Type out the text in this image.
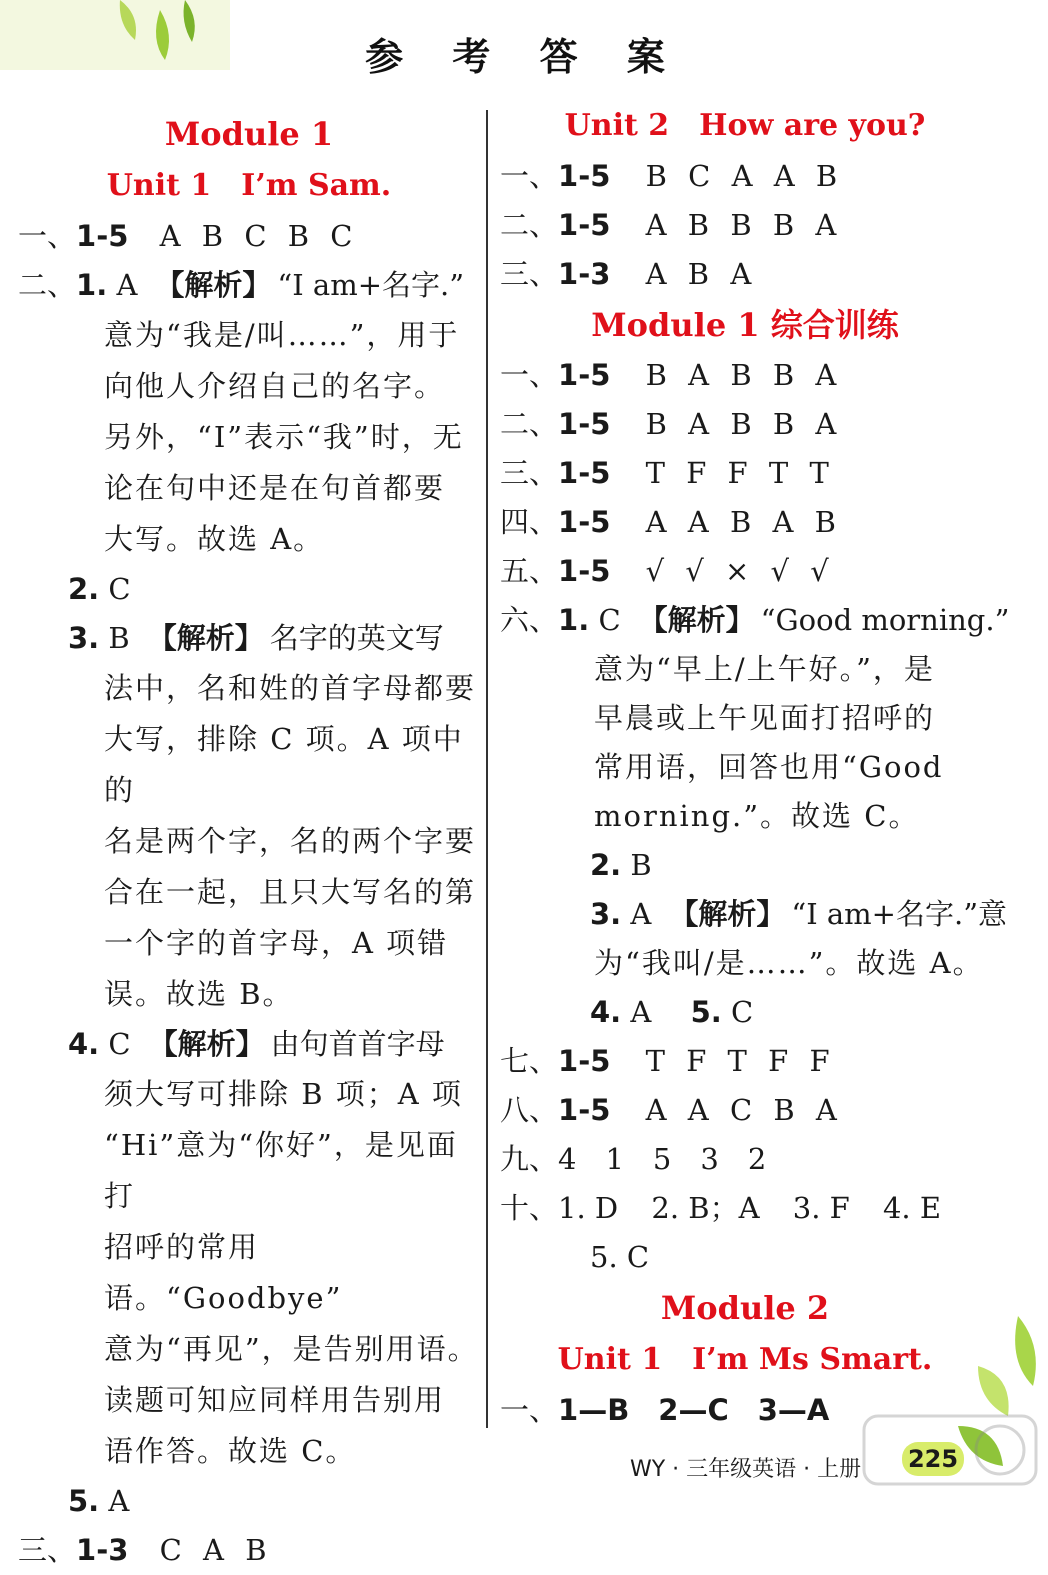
参 考 答 案
Module 1
Unit 1　I’m Sam.
一、1-5 A B C B C
二、1. A 【解析】 “I am+名字.”
意为“我是/叫……”，用于
向他人介绍自己的名字。
另外，“I”表示“我”时，无
论在句中还是在句首都要
大写。故选 A。
2. C
3. B 【解析】 名字的英文写
法中，名和姓的首字母都要
大写，排除 C 项。A 项中的
名是两个字，名的两个字要
合在一起，且只大写名的第
一个字的首字母，A 项错
误。故选 B。
4. C 【解析】 由句首首字母
须大写可排除 B 项；A 项
“Hi”意为“你好”，是见面打
招呼的常用语。“Goodbye”
意为“再见”，是告别用语。
读题可知应同样用告别用
语作答。故选 C。
5. A
三、1-3 C A B
Unit 2　How are you?
一、1-5 B C A A B
二、1-5 A B B B A
三、1-3 A B A
Module 1 综合训练
一、1-5 B A B B A
二、1-5 B A B B A
三、1-5 T F F T T
四、1-5 A A B A B
五、1-5 √ √ × √ √
六、1. C 【解析】 “Good morning.”
意为“早上/上午好。”，是
早晨或上午见面打招呼的
常用语，回答也用“Good
morning.”。故选 C。
2. B
3. A 【解析】 “I am+名字.”意
为“我叫/是……”。故选 A。
4. A 5. C
七、1-5 T F T F F
八、1-5 A A C B A
九、4　1　5　3　2
十、1. D 2. B；A 3. F 4. E
5. C
Module 2
Unit 1　I’m Ms Smart.
一、1—B　2—C　3—A
WY · 三年级英语 · 上册 225
